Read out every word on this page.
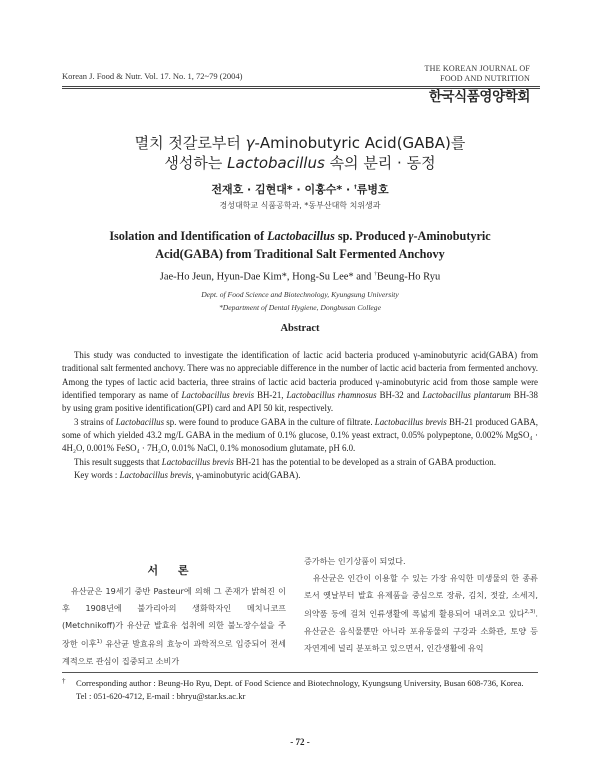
Korean J. Food & Nutr. Vol. 17. No. 1, 72~79 (2004)
THE KOREAN JOURNAL OF
FOOD AND NUTRITION
한국식품영양학회
멸치 젓갈로부터 γ-Aminobutyric Acid(GABA)를
생성하는 Lactobacillus 속의 분리 · 동정
전재호 · 김현대* · 이홍수* · †류병호
경성대학교 식품공학과, *동부산대학 치위생과
Isolation and Identification of Lactobacillus sp. Produced γ-Aminobutyric
Acid(GABA) from Traditional Salt Fermented Anchovy
Jae-Ho Jeun, Hyun-Dae Kim*, Hong-Su Lee* and †Beung-Ho Ryu
Dept. of Food Science and Biotechnology, Kyungsung University
*Department of Dental Hygiene, Dongbusan College
Abstract

This study was conducted to investigate the identification of lactic acid bacteria produced γ-aminobutyric acid(GABA) from traditional salt fermented anchovy. There was no appreciable difference in the number of lactic acid bacteria from fermented anchovy. Among the types of lactic acid bacteria, three strains of lactic acid bacteria produced γ-aminobutyric acid from those sample were identified temporary as name of Lactobacillus brevis BH-21, Lactobacillus rhamnosus BH-32 and Lactobacillus plantarum BH-38 by using gram positive identification(GPI) card and API 50 kit, respectively.

3 strains of Lactobacillus sp. were found to produce GABA in the culture of filtrate. Lactobacillus brevis BH-21 produced GABA, some of which yielded 43.2 mg/L GABA in the medium of 0.1% glucose, 0.1% yeast extract, 0.05% polypeptone, 0.002% MgSO₄ · 4H₂O, 0.001% FeSO₄ · 7H₂O, 0.01% NaCl, 0.1% monosodium glutamate, pH 6.0.

This result suggests that Lactobacillus brevis BH-21 has the potential to be developed as a strain of GABA production.

Key words : Lactobacillus brevis, γ-aminobutyric acid(GABA).

서 론

유산균은 19세기 중반 Pasteur에 의해 그 존재가 밝혀진 이후 1908년에 불가리아의 생화학자인 메치니코프(Metchnikoff)가 유산균 발효유 섭취에 의한 불노장수설을 주장한 이후$^{1)}$ 유산균 발효유의 효능이 과학적으로 입증되어 전세계적으로 관심이 집중되고 소비가

증가하는 인기상품이 되었다.

유산균은 인간이 이용할 수 있는 가장 유익한 미생물의 한 종류로서 옛날부터 발효 유제품을 중심으로 장류, 김치, 젓갈, 소세지, 의약품 등에 걸쳐 인류생활에 폭넓게 활용되어 내려오고 있다$^{2,3)}$. 유산균은 음식물뿐만 아니라 포유동물의 구강과 소화관, 토양 등 자연계에 널리 분포하고 있으면서, 인간생활에 유익

†	Corresponding author : Beung-Ho Ryu, Dept. of Food Science and Biotechnology, Kyungsung University, Busan 608-736, Korea.
Tel : 051-620-4712, E-mail : bhryu@star.ks.ac.kr
- 72 -
